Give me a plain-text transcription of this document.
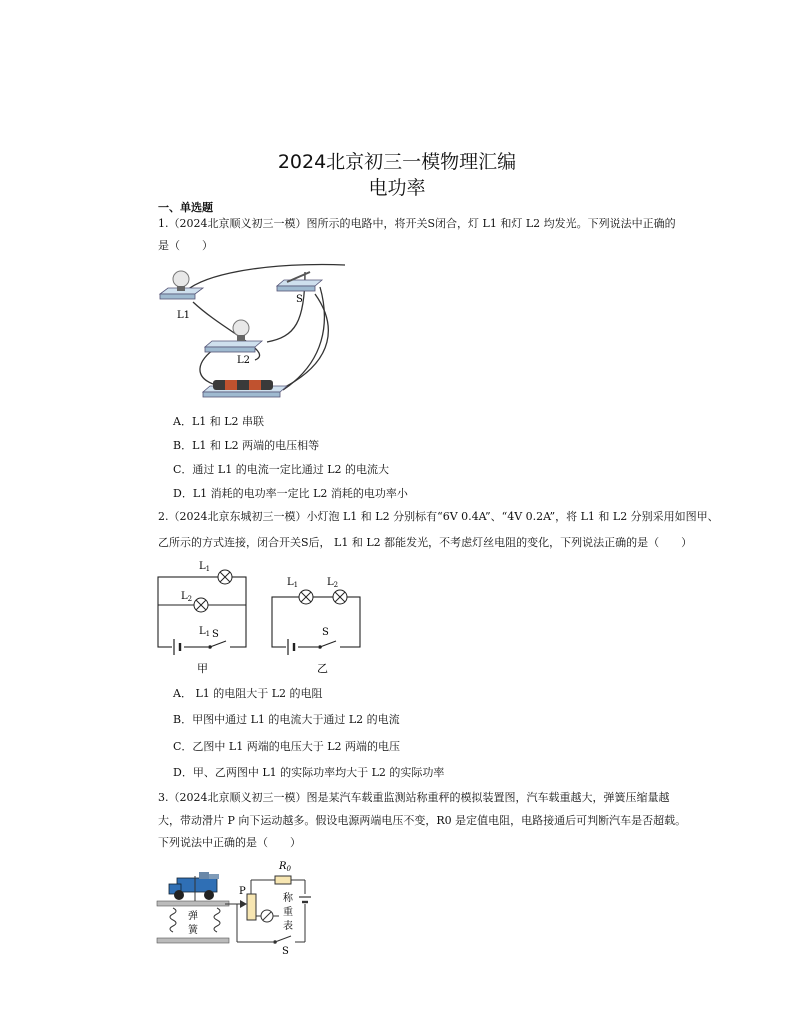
2024北京初三一模物理汇编
电功率
一、单选题
1.（2024北京顺义初三一模）图所示的电路中，将开关S闭合，灯 L1 和灯 L2 均发光。下列说法中正确的
是（　　）
L1
S
L2
A．L1 和 L2 串联
B．L1 和 L2 两端的电压相等
C．通过 L1 的电流一定比通过 L2 的电流大
D．L1 消耗的电功率一定比 L2 消耗的电功率小
2.（2024北京东城初三一模）小灯泡 L1 和 L2 分别标有“6V 0.4A”、“4V 0.2A”，将 L1 和 L2 分别采用如图甲、
乙所示的方式连接，闭合开关S后， L1 和 L2 都能发光，不考虑灯丝电阻的变化，下列说法正确的是（　　）
$L_1$
$L_2$
S
甲
$L_1$
$L_1$	$L_2$
S
乙
A． L1 的电阻大于 L2 的电阻
B．甲图中通过 L1 的电流大于通过 L2 的电流
C．乙图中 L1 两端的电压大于 L2 两端的电压
D．甲、乙两图中 L1 的实际功率均大于 L2 的实际功率
3.（2024北京顺义初三一模）图是某汽车载重监测站称重秤的模拟装置图，汽车载重越大，弹簧压缩量越
大，带动滑片 P 向下运动越多。假设电源两端电压不变，R0 是定值电阻，电路接通后可判断汽车是否超载。
下列说法中正确的是（　　）
弹
簧
P
$R_0$
称
重
表
S
